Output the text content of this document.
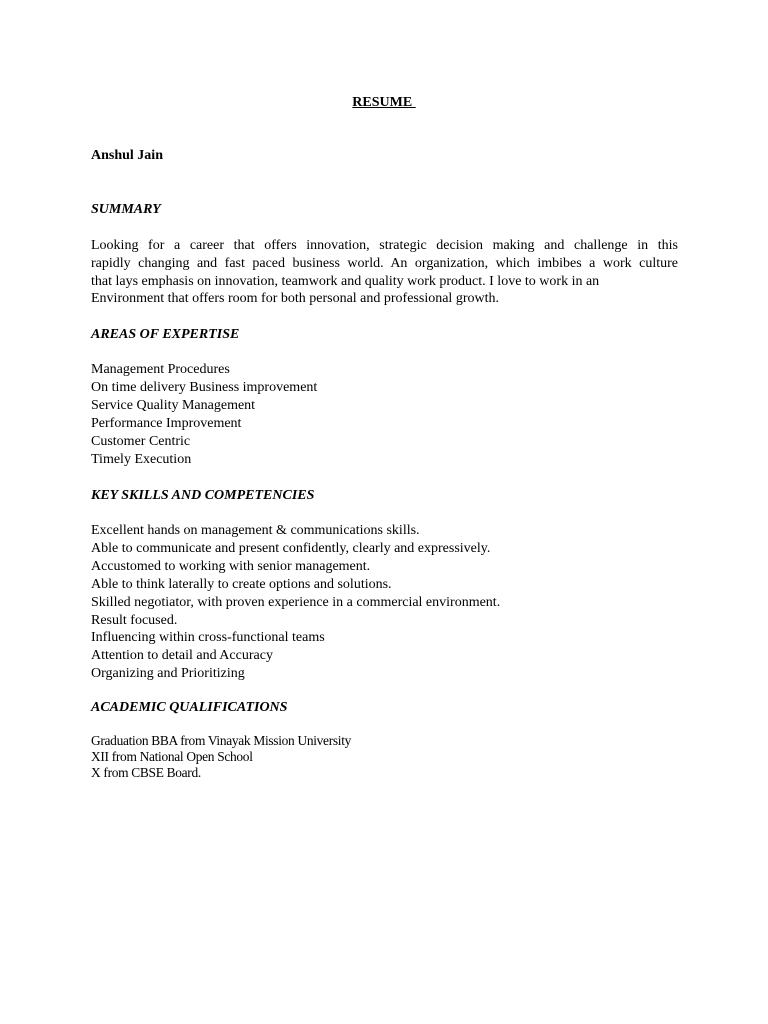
RESUME
Anshul Jain
SUMMARY
Looking for a career that offers innovation, strategic decision making and challenge in this
rapidly changing and fast paced business world. An organization, which imbibes a work culture
that lays emphasis on innovation, teamwork and quality work product. I love to work in an
Environment that offers room for both personal and professional growth.
AREAS OF EXPERTISE
Management Procedures
On time delivery Business improvement
Service Quality Management
Performance Improvement
Customer Centric
Timely Execution
KEY SKILLS AND COMPETENCIES
Excellent hands on management & communications skills.
Able to communicate and present confidently, clearly and expressively.
Accustomed to working with senior management.
Able to think laterally to create options and solutions.
Skilled negotiator, with proven experience in a commercial environment.
Result focused.
Influencing within cross-functional teams
Attention to detail and Accuracy
Organizing and Prioritizing
ACADEMIC QUALIFICATIONS
Graduation BBA from Vinayak Mission University
XII from National Open School
X from CBSE Board.
